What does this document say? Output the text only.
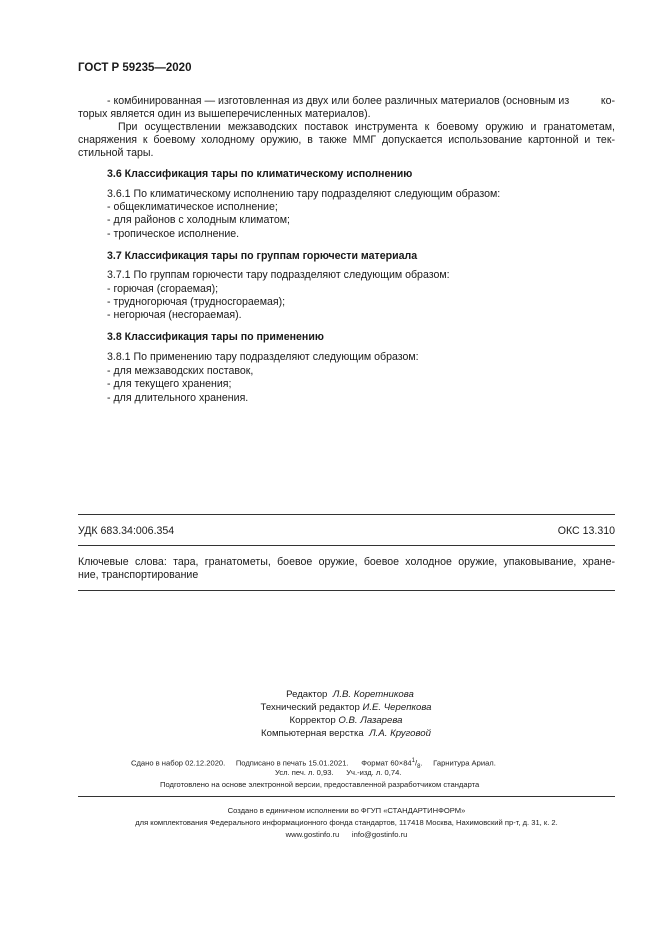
ГОСТ Р 59235—2020
- комбинированная — изготовленная из двух или более различных материалов (основным из	ко-
торых является один из вышеперечисленных материалов).
При осуществлении межзаводских поставок инструмента к боевому оружию и гранатометам,
снаряжения к боевому холодному оружию, в также ММГ допускается использование картонной и тек-
стильной тары.
3.6 Классификация тары по климатическому исполнению
3.6.1 По климатическому исполнению тару подразделяют следующим образом:
- общеклиматическое исполнение;
- для районов с холодным климатом;
- тропическое исполнение.
3.7 Классификация тары по группам горючести материала
3.7.1 По группам горючести тару подразделяют следующим образом:
- горючая (сгораемая);
- трудногорючая (трудносгораемая);
- негорючая (несгораемая).
3.8 Классификация тары по применению
3.8.1 По применению тару подразделяют следующим образом:
- для межзаводских поставок,
- для текущего хранения;
- для длительного хранения.
УДК 683.34:006.354	ОКС 13.310
Ключевые слова: тара, гранатометы, боевое оружие, боевое холодное оружие, упаковывание, хране-
ние, транспортирование
Редактор Л.В. Коретникова
Технический редактор И.Е. Черепкова
Корректор О.В. Лазарева
Компьютерная верстка Л.А. Круговой
Сдано в набор 02.12.2020. Подписано в печать 15.01.2021. Формат $60\times 84^1/_8$. Гарнитура Ариал.
Усл. печ. л. 0,93. Уч.-изд. л. 0,74.
Подготовлено на основе электронной версии, предоставленной разработчиком стандарта
Создано в единичном исполнении во ФГУП «СТАНДАРТИНФОРМ»
для комплектования Федерального информационного фонда стандартов, 117418 Москва, Нахимовский пр-т, д. 31, к. 2.
www.gostinfo.ru info@gostinfo.ru
